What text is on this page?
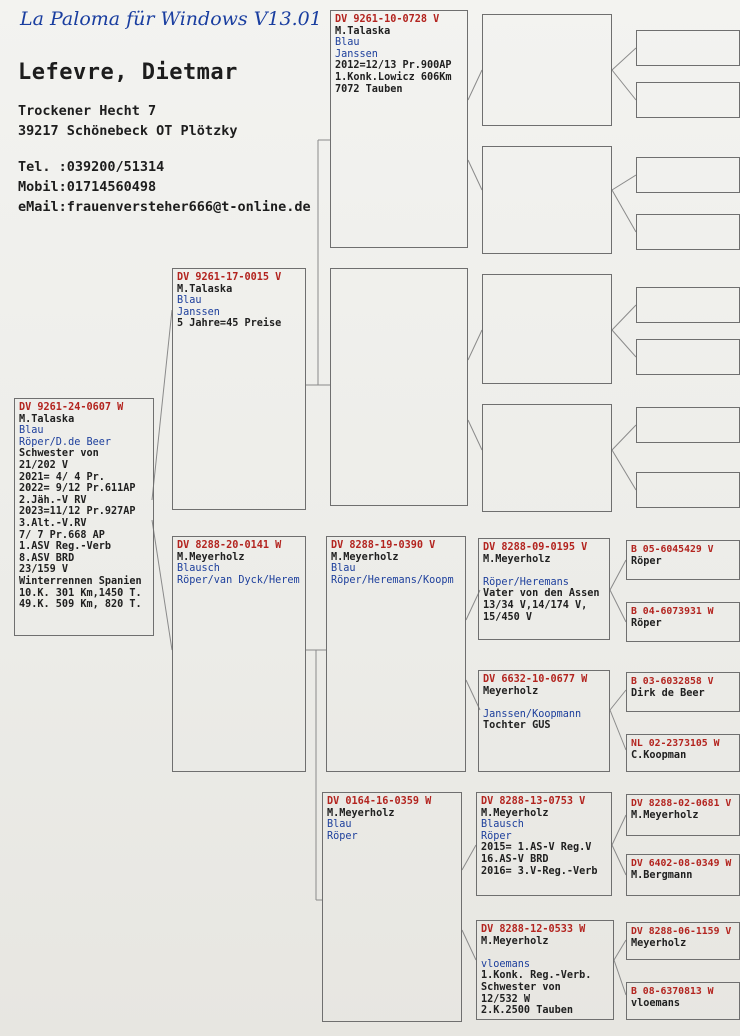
La Paloma für Windows V13.01
Lefevre, Dietmar
Trockener Hecht 7
39217 Schönebeck OT Plötzky
Tel. :039200/51314
Mobil:01714560498
eMail:frauenversteher666@t-online.de
DV 9261-24-0607 W
M.Talaska
Blau
Röper/D.de Beer
Schwester von
21/202 V
2021= 4/ 4 Pr.
2022= 9/12 Pr.611AP
2.Jäh.-V RV
2023=11/12 Pr.927AP
3.Alt.-V.RV
7/ 7 Pr.668 AP
1.ASV Reg.-Verb
8.ASV BRD
23/159 V
Winterrennen Spanien
10.K. 301 Km,1450 T.
49.K. 509 Km, 820 T.
DV 9261-17-0015 V
M.Talaska
Blau
Janssen
5 Jahre=45 Preise
DV 8288-20-0141 W
M.Meyerholz
Blausch
Röper/van Dyck/Herem
DV 9261-10-0728 V
M.Talaska
Blau
Janssen
2012=12/13 Pr.900AP
1.Konk.Lowicz 606Km
7072 Tauben
DV 8288-19-0390 V
M.Meyerholz
Blau
Röper/Heremans/Koopm
DV 0164-16-0359 W
M.Meyerholz
Blau
Röper
DV 8288-09-0195 V
M.Meyerholz
Röper/Heremans
Vater von den Assen
13/34 V,14/174 V,
15/450 V
DV 6632-10-0677 W
Meyerholz
Janssen/Koopmann
Tochter GUS
DV 8288-13-0753 V
M.Meyerholz
Blausch
Röper
2015= 1.AS-V Reg.V
16.AS-V BRD
2016= 3.V-Reg.-Verb
DV 8288-12-0533 W
M.Meyerholz
vloemans
1.Konk. Reg.-Verb.
Schwester von
12/532 W
2.K.2500 Tauben
B 05-6045429 V
Röper
B 04-6073931 W
Röper
B 03-6032858 V
Dirk de Beer
NL 02-2373105 W
C.Koopman
DV 8288-02-0681 V
M.Meyerholz
DV 6402-08-0349 W
M.Bergmann
DV 8288-06-1159 V
Meyerholz
B 08-6370813 W
vloemans
